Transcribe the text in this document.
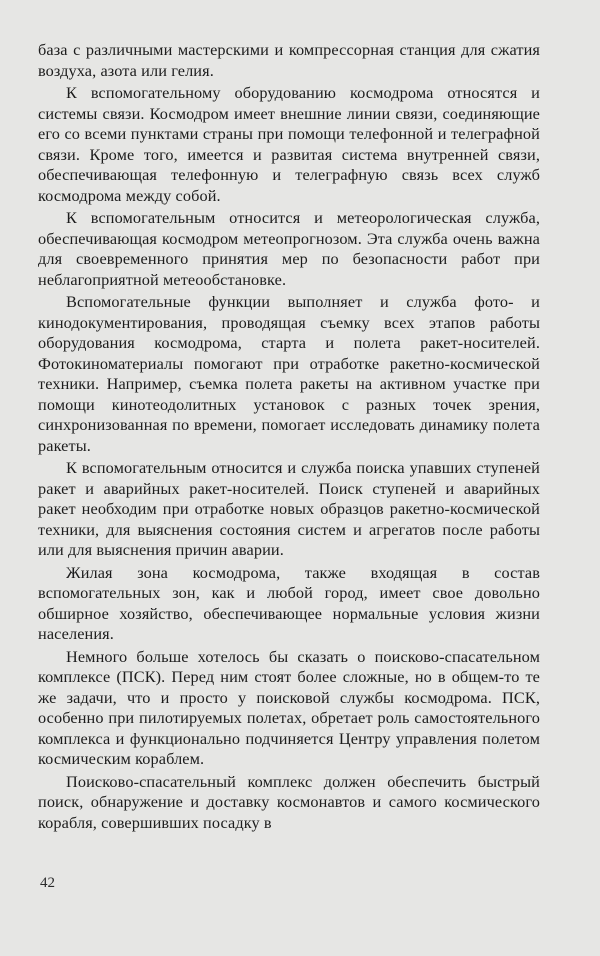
база с различными мастерскими и компрессорная станция для сжатия воздуха, азота или гелия.

К вспомогательному оборудованию космодрома относятся и системы связи. Космодром имеет внешние линии связи, соединяющие его со всеми пунктами страны при помощи телефонной и телеграфной связи. Кроме того, имеется и развитая система внутренней связи, обеспечивающая телефонную и телеграфную связь всех служб космодрома между собой.

К вспомогательным относится и метеорологическая служба, обеспечивающая космодром метеопрогнозом. Эта служба очень важна для своевременного принятия мер по безопасности работ при неблагоприятной метеообстановке.

Вспомогательные функции выполняет и служба фото- и кинодокументирования, проводящая съемку всех этапов работы оборудования космодрома, старта и полета ракет-носителей. Фотокиноматериалы помогают при отработке ракетно-космической техники. Например, съемка полета ракеты на активном участке при помощи кинотеодолитных установок с разных точек зрения, синхронизованная по времени, помогает исследовать динамику полета ракеты.

К вспомогательным относится и служба поиска упавших ступеней ракет и аварийных ракет-носителей. Поиск ступеней и аварийных ракет необходим при отработке новых образцов ракетно-космической техники, для выяснения состояния систем и агрегатов после работы или для выяснения причин аварии.

Жилая зона космодрома, также входящая в состав вспомогательных зон, как и любой город, имеет свое довольно обширное хозяйство, обеспечивающее нормальные условия жизни населения.

Немного больше хотелось бы сказать о поисково-спасательном комплексе (ПСК). Перед ним стоят более сложные, но в общем-то те же задачи, что и просто у поисковой службы космодрома. ПСК, особенно при пилотируемых полетах, обретает роль самостоятельного комплекса и функционально подчиняется Центру управления полетом космическим кораблем.

Поисково-спасательный комплекс должен обеспечить быстрый поиск, обнаружение и доставку космонавтов и самого космического корабля, совершивших посадку в

42
